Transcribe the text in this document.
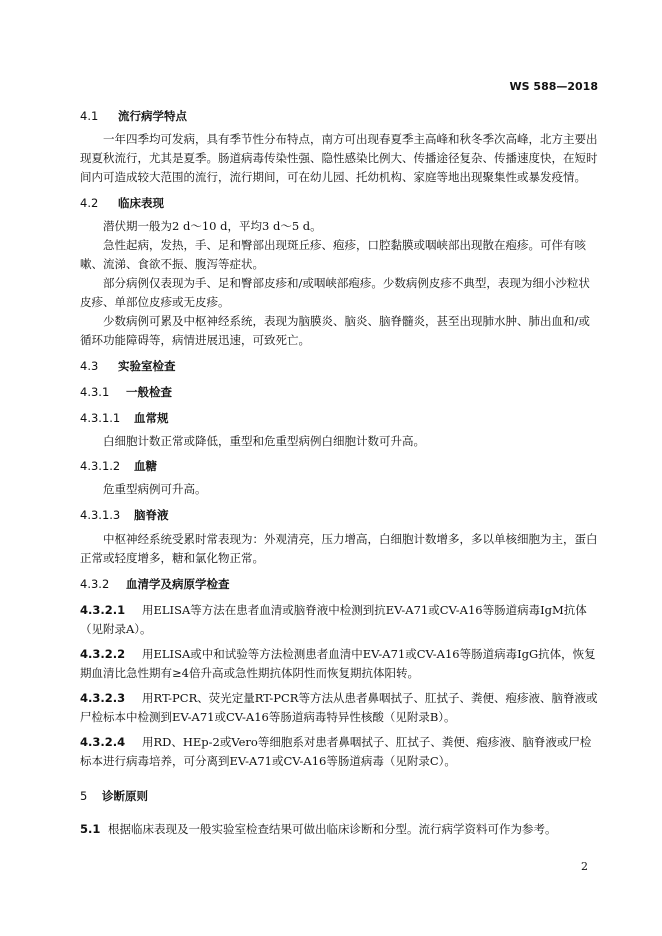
WS 588—2018
4.1 流行病学特点
一年四季均可发病，具有季节性分布特点，南方可出现春夏季主高峰和秋冬季次高峰，北方主要出现夏秋流行，尤其是夏季。肠道病毒传染性强、隐性感染比例大、传播途径复杂、传播速度快，在短时间内可造成较大范围的流行，流行期间，可在幼儿园、托幼机构、家庭等地出现聚集性或暴发疫情。
4.2 临床表现
潜伏期一般为2 d～10 d，平均3 d～5 d。
急性起病，发热，手、足和臀部出现斑丘疹、疱疹，口腔黏膜或咽峡部出现散在疱疹。可伴有咳嗽、流涕、食欲不振、腹泻等症状。
部分病例仅表现为手、足和臀部皮疹和/或咽峡部疱疹。少数病例皮疹不典型，表现为细小沙粒状皮疹、单部位皮疹或无皮疹。
少数病例可累及中枢神经系统，表现为脑膜炎、脑炎、脑脊髓炎，甚至出现肺水肿、肺出血和/或循环功能障碍等，病情进展迅速，可致死亡。
4.3 实验室检查
4.3.1 一般检查
4.3.1.1 血常规
白细胞计数正常或降低，重型和危重型病例白细胞计数可升高。
4.3.1.2 血糖
危重型病例可升高。
4.3.1.3 脑脊液
中枢神经系统受累时常表现为：外观清亮，压力增高，白细胞计数增多，多以单核细胞为主，蛋白正常或轻度增多，糖和氯化物正常。
4.3.2 血清学及病原学检查
4.3.2.1 用ELISA等方法在患者血清或脑脊液中检测到抗EV-A71或CV-A16等肠道病毒IgM抗体（见附录A）。
4.3.2.2 用ELISA或中和试验等方法检测患者血清中EV-A71或CV-A16等肠道病毒IgG抗体，恢复期血清比急性期有≥4倍升高或急性期抗体阴性而恢复期抗体阳转。
4.3.2.3 用RT-PCR、荧光定量RT-PCR等方法从患者鼻咽拭子、肛拭子、粪便、疱疹液、脑脊液或尸检标本中检测到EV-A71或CV-A16等肠道病毒特异性核酸（见附录B）。
4.3.2.4 用RD、HEp-2或Vero等细胞系对患者鼻咽拭子、肛拭子、粪便、疱疹液、脑脊液或尸检标本进行病毒培养，可分离到EV-A71或CV-A16等肠道病毒（见附录C）。
5 诊断原则
5.1 根据临床表现及一般实验室检查结果可做出临床诊断和分型。流行病学资料可作为参考。
2
